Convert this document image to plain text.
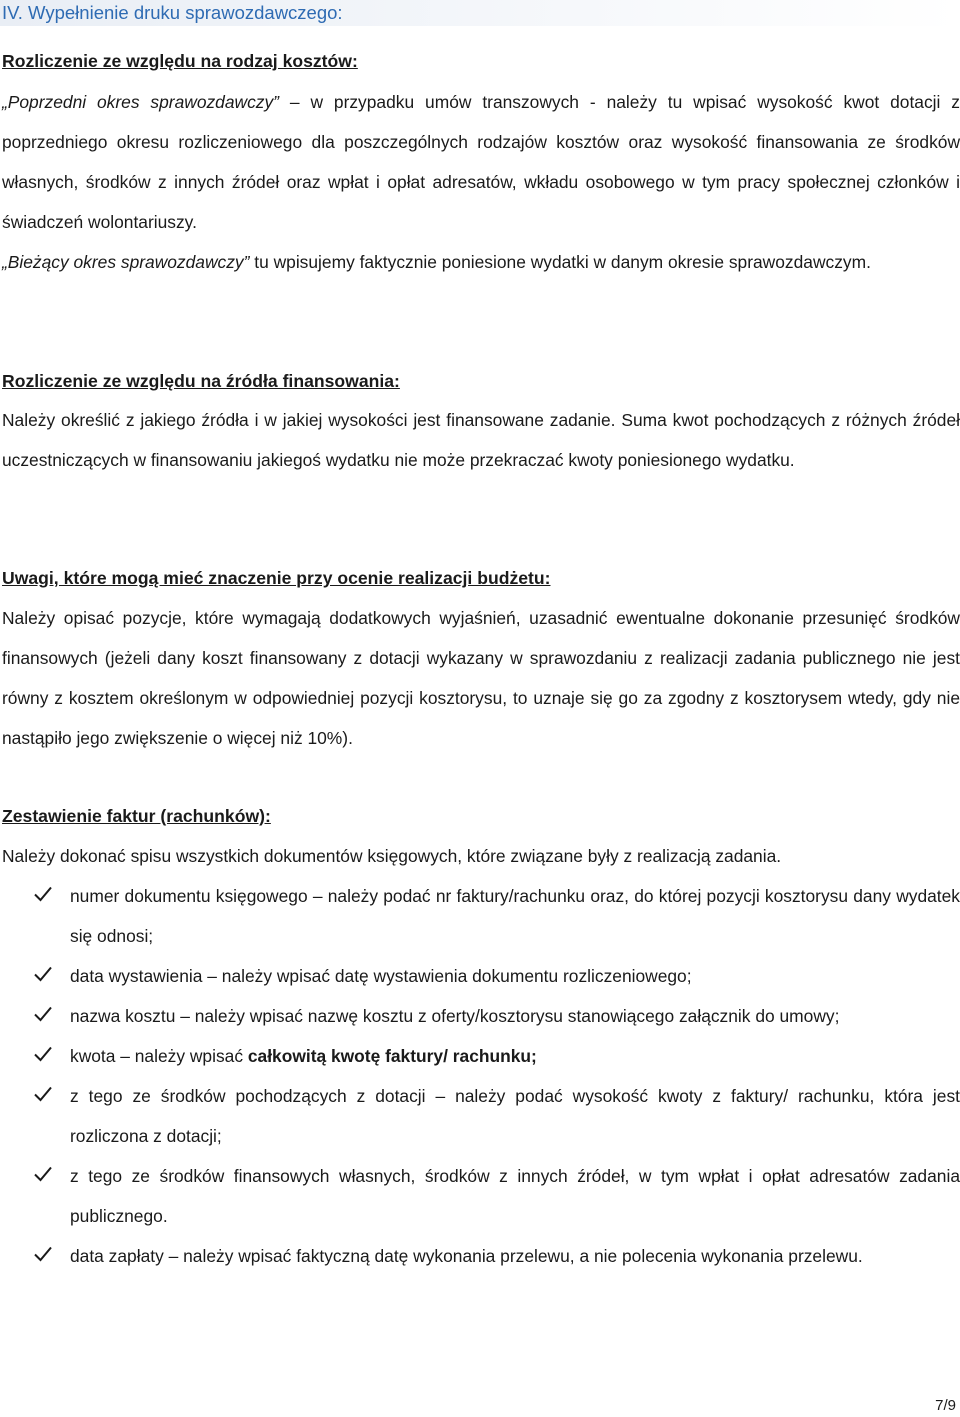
IV. Wypełnienie druku sprawozdawczego:
Rozliczenie ze względu na rodzaj kosztów:
„Poprzedni okres sprawozdawczy” – w przypadku umów transzowych - należy tu wpisać wysokość kwot dotacji z poprzedniego okresu rozliczeniowego dla poszczególnych rodzajów kosztów oraz wysokość finansowania ze środków własnych, środków z innych źródeł oraz wpłat i opłat adresatów, wkładu osobowego w tym pracy społecznej członków i świadczeń wolontariuszy.
„Bieżący okres sprawozdawczy” tu wpisujemy faktycznie poniesione wydatki w danym okresie sprawozdawczym.
Rozliczenie ze względu na źródła finansowania:
Należy określić z jakiego źródła i w jakiej wysokości jest finansowane zadanie. Suma kwot pochodzących z różnych źródeł uczestniczących w finansowaniu jakiegoś wydatku nie może przekraczać kwoty poniesionego wydatku.
Uwagi, które mogą mieć znaczenie przy ocenie realizacji budżetu:
Należy opisać pozycje, które wymagają dodatkowych wyjaśnień, uzasadnić ewentualne dokonanie przesunięć środków finansowych (jeżeli dany koszt finansowany z dotacji wykazany w sprawozdaniu z realizacji zadania publicznego nie jest równy z kosztem określonym w odpowiedniej pozycji kosztorysu, to uznaje się go za zgodny z kosztorysem wtedy, gdy nie nastąpiło jego zwiększenie o więcej niż 10%).
Zestawienie faktur (rachunków):
Należy dokonać spisu wszystkich dokumentów księgowych, które związane były z realizacją zadania.
numer dokumentu księgowego – należy podać nr faktury/rachunku oraz, do której pozycji kosztorysu dany wydatek się odnosi;
data wystawienia – należy wpisać datę wystawienia dokumentu rozliczeniowego;
nazwa kosztu – należy wpisać nazwę kosztu z oferty/kosztorysu stanowiącego załącznik do umowy;
kwota – należy wpisać całkowitą kwotę faktury/ rachunku;
z tego ze środków pochodzących z dotacji – należy podać wysokość kwoty z faktury/ rachunku, która jest rozliczona z dotacji;
z tego ze środków finansowych własnych, środków z innych źródeł, w tym wpłat i opłat adresatów zadania publicznego.
data zapłaty – należy wpisać faktyczną datę wykonania przelewu, a nie polecenia wykonania przelewu.
7/9
